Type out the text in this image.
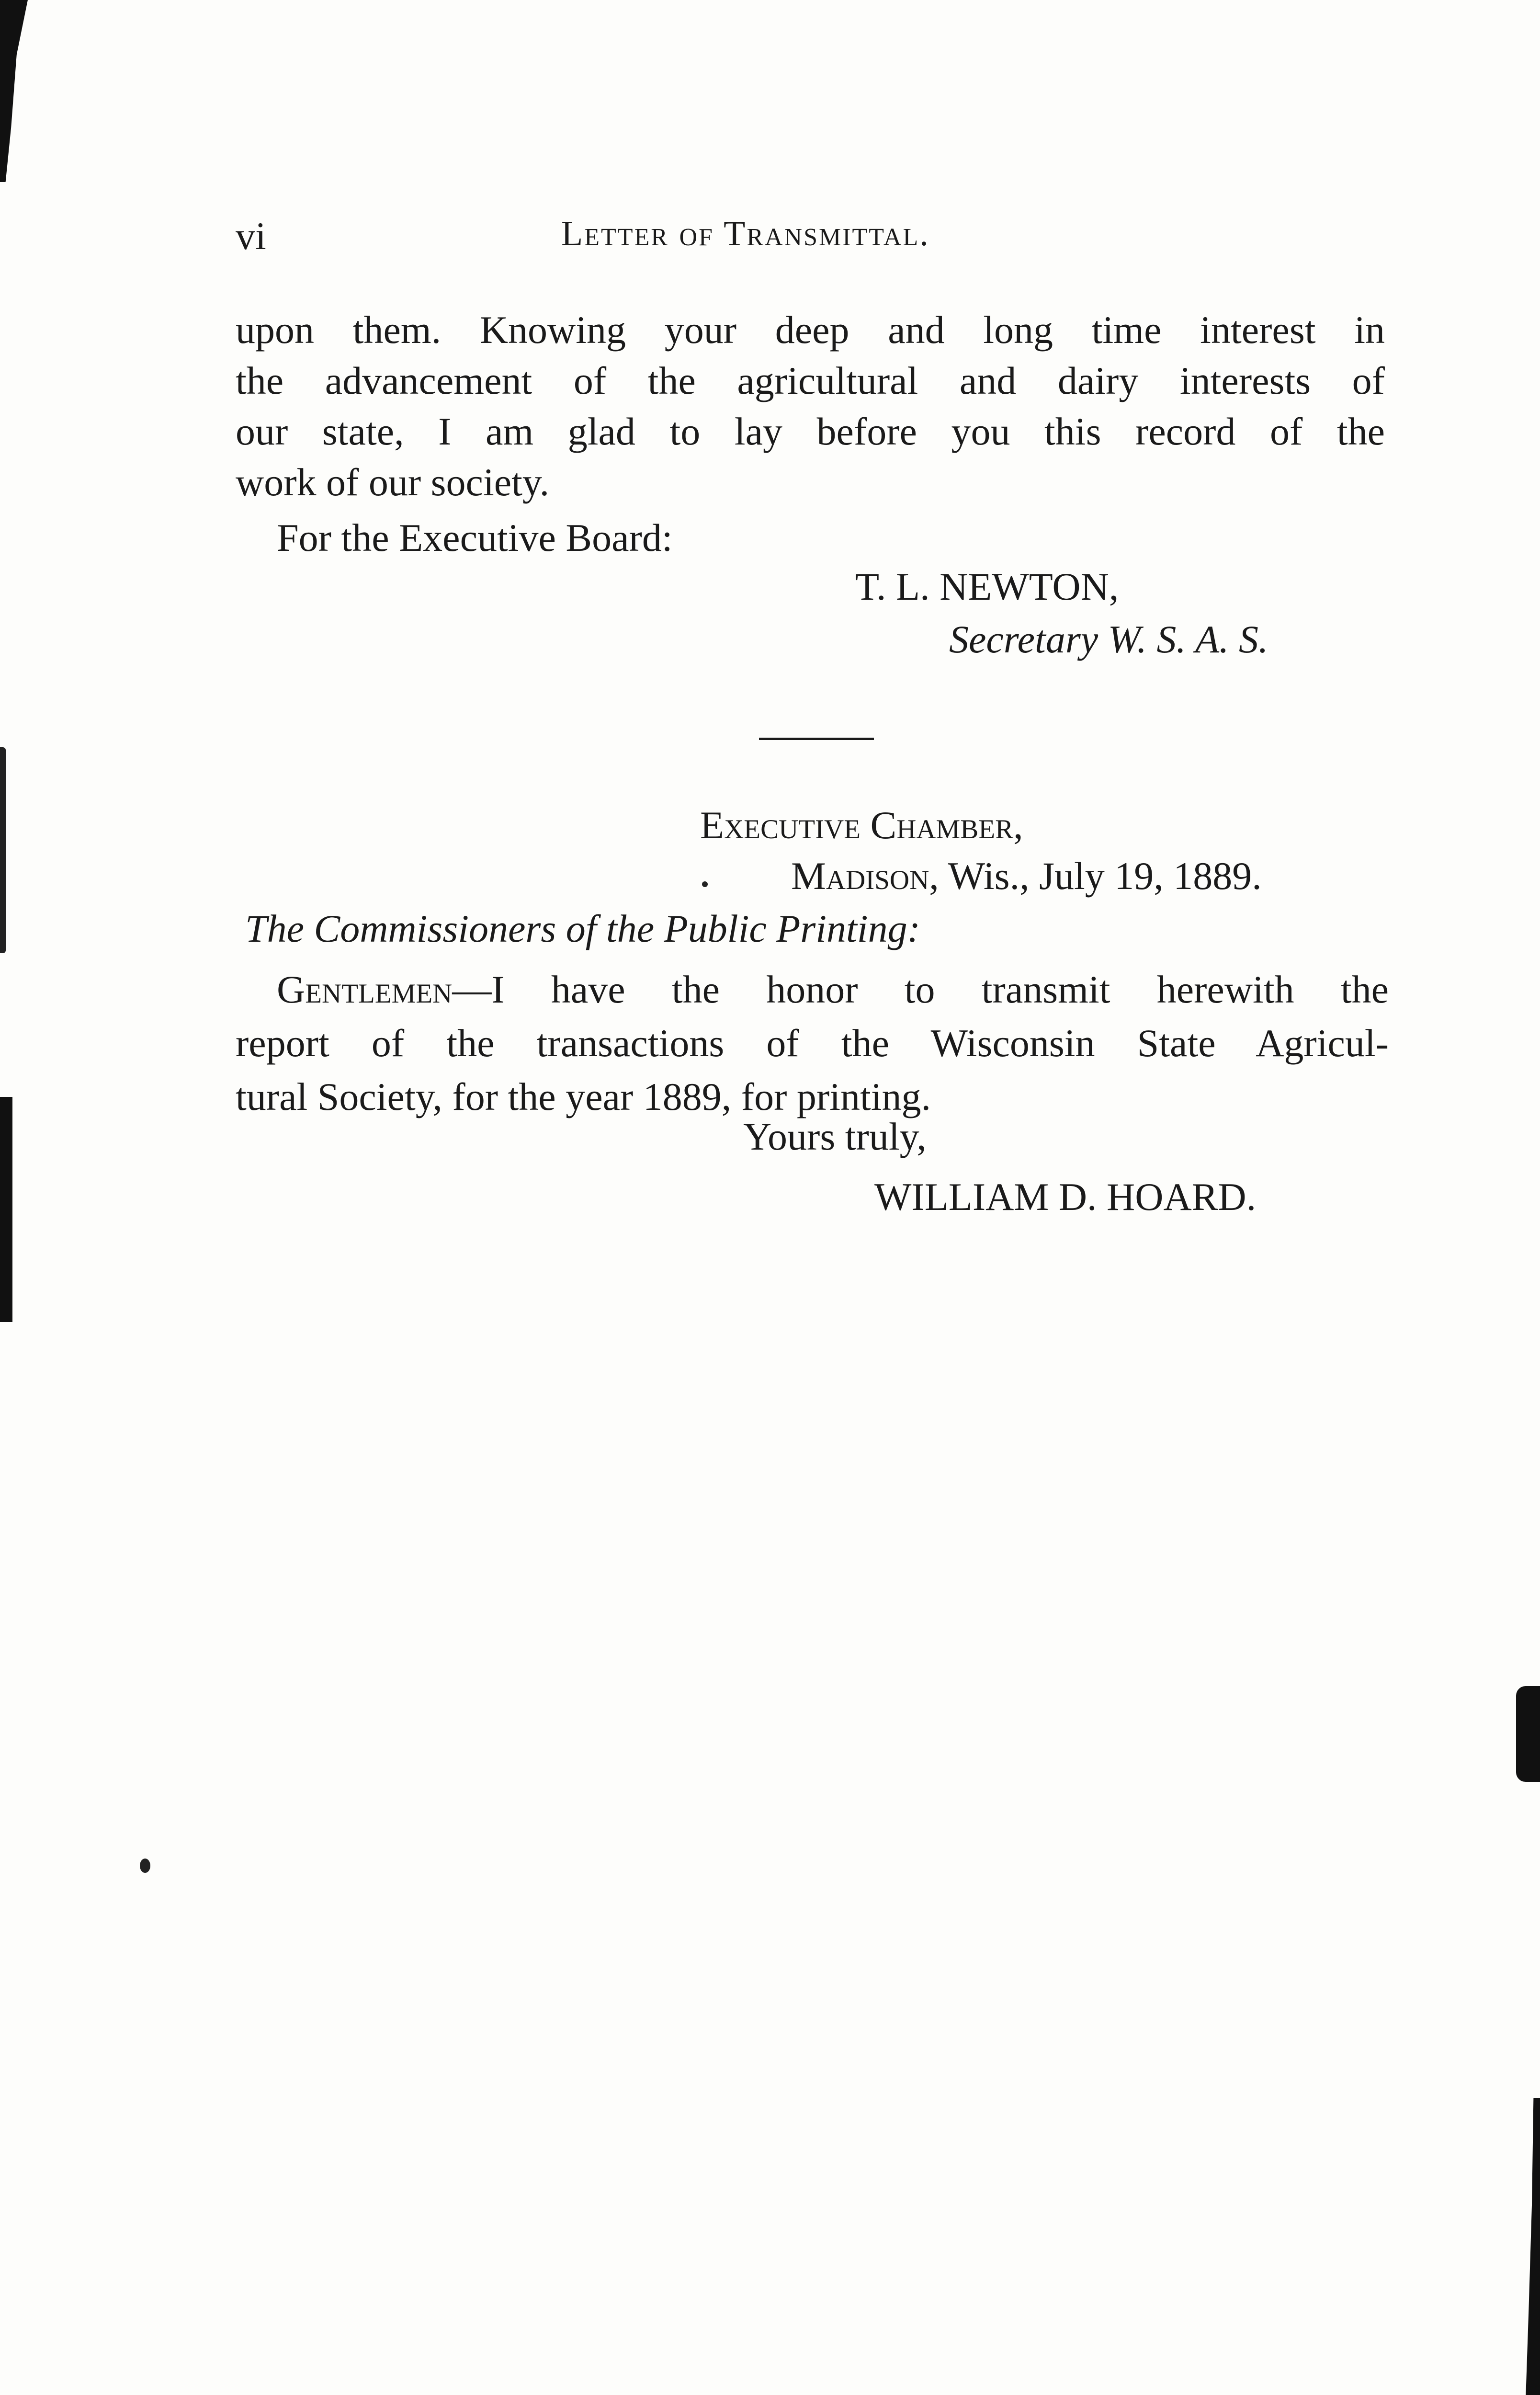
vi	Letter of Transmittal.
upon them. Knowing your deep and long time interest in
the advancement of the agricultural and dairy interests of
our state, I am glad to lay before you this record of the
work of our society.
For the Executive Board:
T. L. NEWTON,
Secretary W. S. A. S.
Executive Chamber,
Madison, Wis., July 19, 1889.
The Commissioners of the Public Printing:
Gentlemen—I have the honor to transmit herewith the
report of the transactions of the Wisconsin State Agricul-
tural Society, for the year 1889, for printing.
Yours truly,
WILLIAM D. HOARD.
